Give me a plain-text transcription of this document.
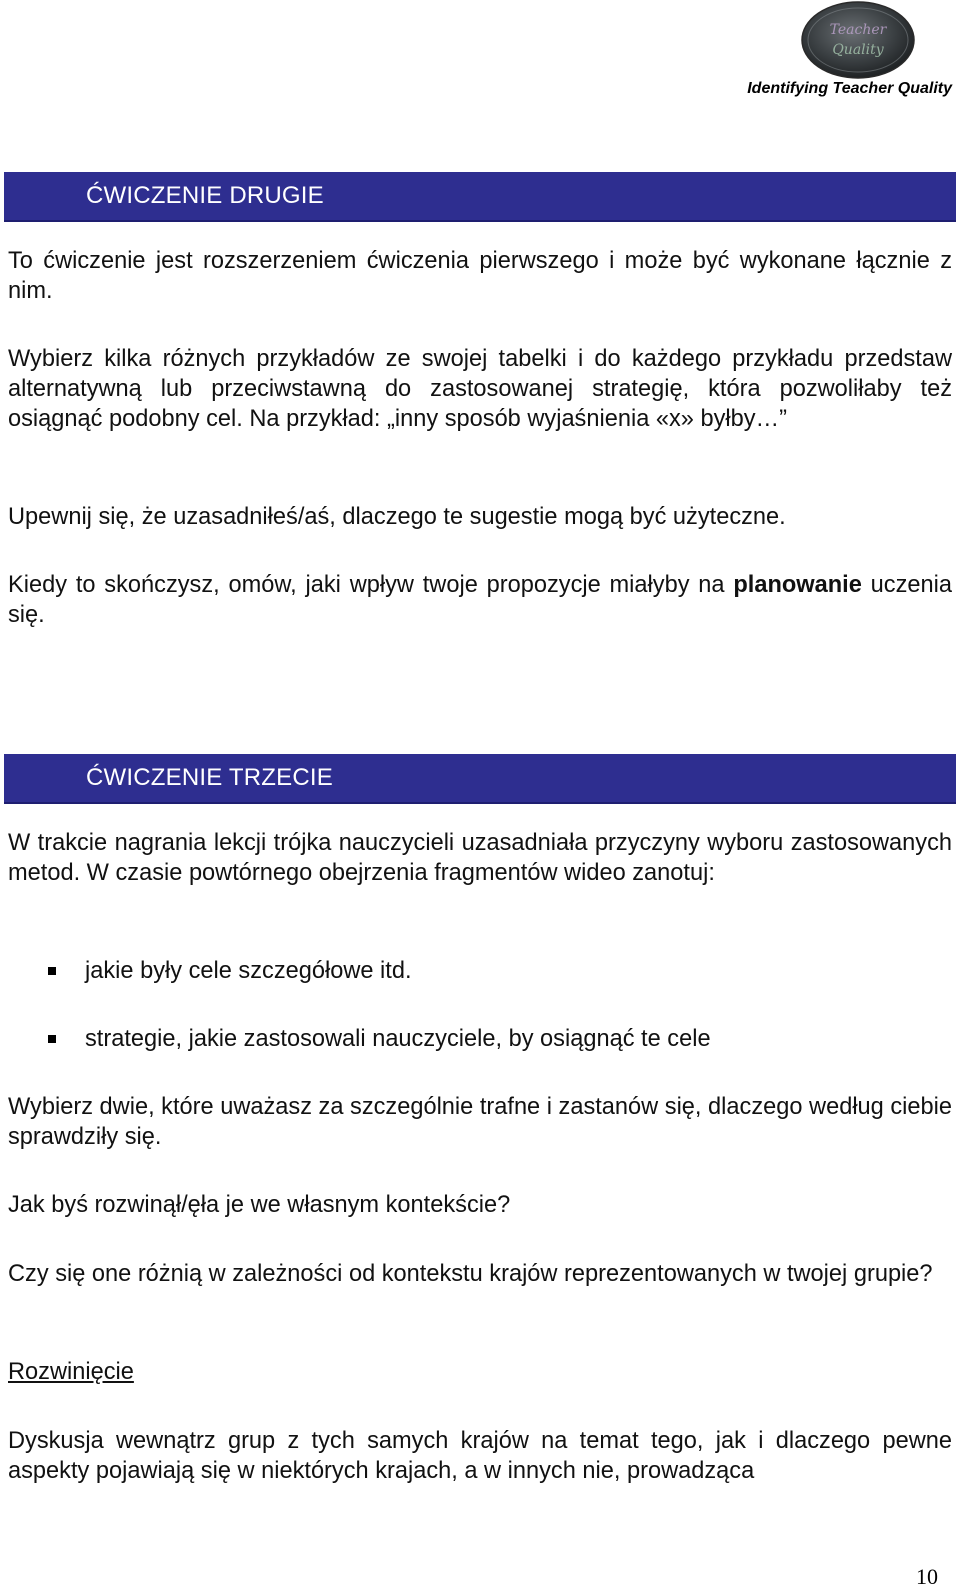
Teacher
Quality
Identifying Teacher Quality
ĆWICZENIE DRUGIE

To ćwiczenie jest rozszerzeniem ćwiczenia pierwszego i może być wykonane łącznie z nim.

Wybierz kilka różnych przykładów ze swojej tabelki i do każdego przykładu przedstaw alternatywną lub przeciwstawną do zastosowanej strategię, która pozwoliłaby też osiągnąć podobny cel. Na przykład: „inny sposób wyjaśnienia «x» byłby…”

Upewnij się, że uzasadniłeś/aś, dlaczego te sugestie mogą być użyteczne.

Kiedy to skończysz, omów, jaki wpływ twoje propozycje miałyby na planowanie uczenia się.

ĆWICZENIE TRZECIE

W trakcie nagrania lekcji trójka nauczycieli uzasadniała przyczyny wyboru zastosowanych metod. W czasie powtórnego obejrzenia fragmentów wideo zanotuj:

jakie były cele szczegółowe itd.
strategie, jakie zastosowali nauczyciele, by osiągnąć te cele

Wybierz dwie, które uważasz za szczególnie trafne i zastanów się, dlaczego według ciebie sprawdziły się.

Jak byś rozwinął/ęła je we własnym kontekście?

Czy się one różnią w zależności od kontekstu krajów reprezentowanych w twojej grupie?

Rozwinięcie

Dyskusja wewnątrz grup z tych samych krajów na temat tego, jak i dlaczego pewne aspekty pojawiają się w niektórych krajach, a w innych nie, prowadząca

10
